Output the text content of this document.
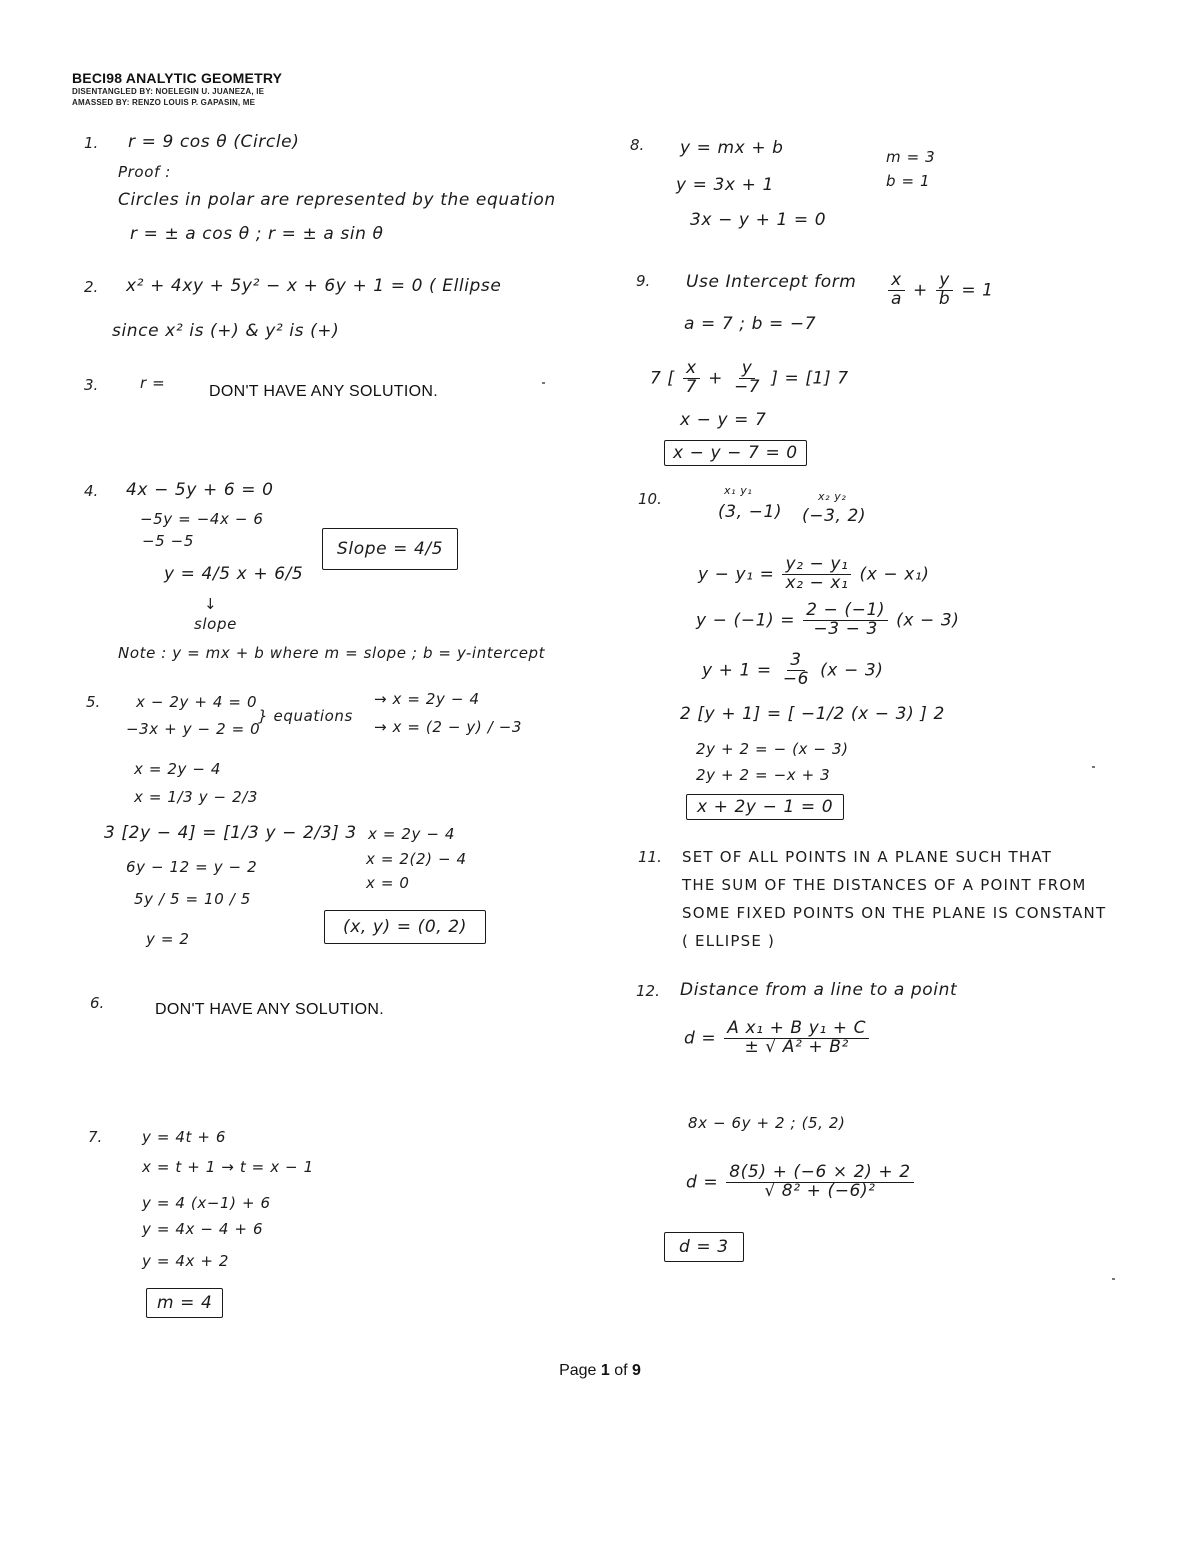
BECI98 ANALYTIC GEOMETRY
DISENTANGLED BY: NOELEGIN U. JUANEZA, IE
AMASSED BY: RENZO LOUIS P. GAPASIN, ME
1. r = 9 cos θ (Circle)
Proof :
Circles in polar are represented by the equation
r = ± a cos θ ; r = ± a sin θ
2. x² + 4xy + 5y² − x + 6y + 1 = 0 ( Ellipse
since x² is (+) & y² is (+)
3.	r =	DON'T HAVE ANY SOLUTION.
4. 4x − 5y + 6 = 0
−5y = −4x − 6
−5 −5
y = 4/5 x + 6/5
↓
slope
Slope = 4/5
Note : y = mx + b where m = slope ; b = y-intercept
5. x − 2y + 4 = 0
−3x + y − 2 = 0
} equations
→ x = 2y − 4
→ x = (2 − y) / −3
x = 2y − 4
x = 1/3 y − 2/3
3 [2y − 4] = [1/3 y − 2/3] 3
6y − 12 = y − 2
5y / 5 = 10 / 5
y = 2
x = 2y − 4
x = 2(2) − 4
x = 0
(x, y) = (0, 2)
6.	DON'T HAVE ANY SOLUTION.
7.	y = 4t + 6
x = t + 1 → t = x − 1
y = 4 (x−1) + 6
y = 4x − 4 + 6
y = 4x + 2
m = 4
8. y = mx + b
y = 3x + 1
3x − y + 1 = 0
m = 3
b = 1
9. Use Intercept form $\frac{x}{a} + \frac{y}{b} = 1$
a = 7 ; b = −7
7 [ $\frac{x}{7} + \frac{y}{-7}$ ] = [1] 7
x − y = 7
x − y − 7 = 0
10.	x₁ y₁
(3, −1)
x₂ y₂
(−3, 2)
$y - y_1 = \frac{\text{y₂ − y₁}}{\text{x₂ − x₁}} (x - x_1)$
$y - (-1) = \frac{2 - (-1)}{-3 - 3} (x - 3)$
$y + 1 = \frac{3}{-6} (x - 3)$
2 [y + 1] = [ −1/2 (x − 3) ] 2
2y + 2 = − (x − 3)
2y + 2 = −x + 3
x + 2y − 1 = 0
11. SET OF ALL POINTS IN A PLANE SUCH THAT
THE SUM OF THE DISTANCES OF A POINT FROM
SOME FIXED POINTS ON THE PLANE IS CONSTANT
( ELLIPSE )
12. Distance from a line to a point
$d = \frac{\text{A x₁ + B y₁ + C}}{\text{± √ A² + B²}}$
8x − 6y + 2 ; (5, 2)
$d = \frac{8(5) + (-6 \times 2) + 2}{\text{√ 8² + (−6)²}}$
d = 3
Page 1 of 9
